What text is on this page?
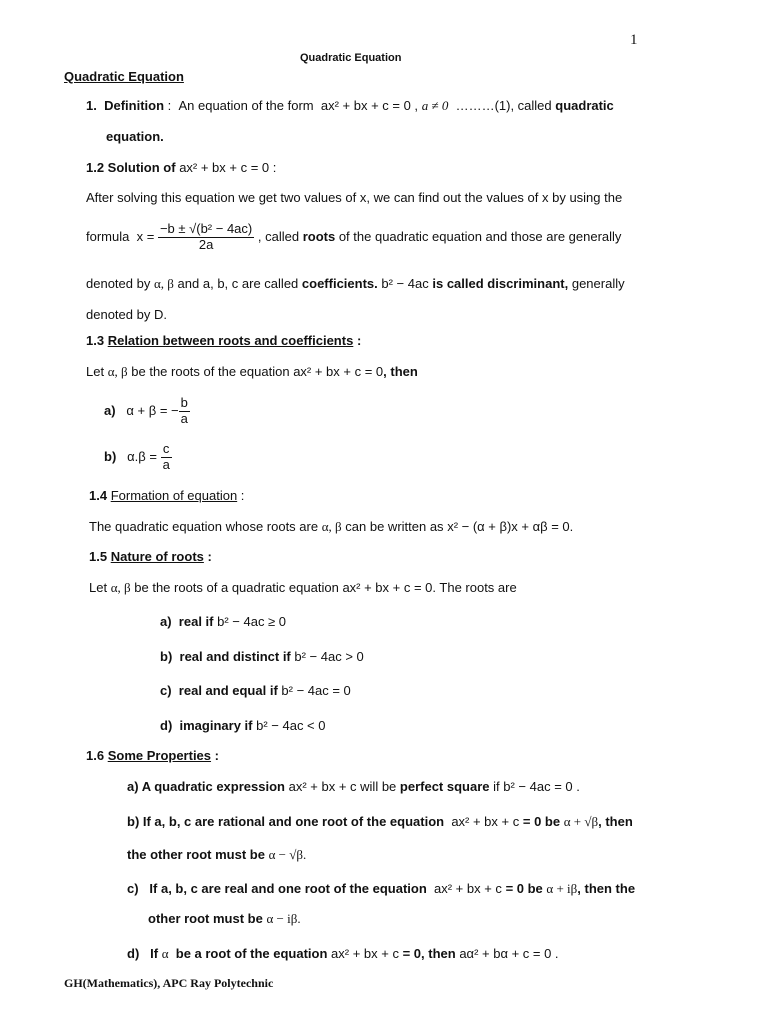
1
Quadratic Equation
Quadratic Equation
1. Definition :  An equation of the form ax² + bx + c = 0 , a ≠ 0 ………(1), called quadratic
equation.
1.2 Solution of ax² + bx + c = 0 :
After solving this equation we get two values of x, we can find out the values of x by using the
formula $x = \frac{\text{−b ± √(b² − 4ac)}}{2a}$ , called roots of the quadratic equation and those are generally
denoted by α, β and a, b, c are called coefficients. b² − 4ac is called discriminant, generally
denoted by D.
1.3 Relation between roots and coefficients :
Let α, β be the roots of the equation ax² + bx + c = 0, then
a) α + β = − $\frac{b}{a}$
b) $\alpha.\beta = \frac{c}{a}$
1.4 Formation of equation :
The quadratic equation whose roots are α, β can be written as x² − (α + β)x + αβ = 0.
1.5 Nature of roots :
Let α, β be the roots of a quadratic equation ax² + bx + c = 0. The roots are
a) real if b² − 4ac ≥ 0
b) real and distinct if b² − 4ac > 0
c) real and equal if b² − 4ac = 0
d) imaginary if b² − 4ac < 0
1.6 Some Properties :
a) A quadratic expression ax² + bx + c will be perfect square if b² − 4ac = 0 .
b) If a, b, c are rational and one root of the equation ax² + bx + c = 0 be α + √β, then
the other root must be α − √β.
c) If a, b, c are real and one root of the equation ax² + bx + c = 0 be α + iβ, then the
other root must be α − iβ.
d) If α be a root of the equation ax² + bx + c = 0, then aα² + bα + c = 0 .
GH(Mathematics), APC Ray Polytechnic
